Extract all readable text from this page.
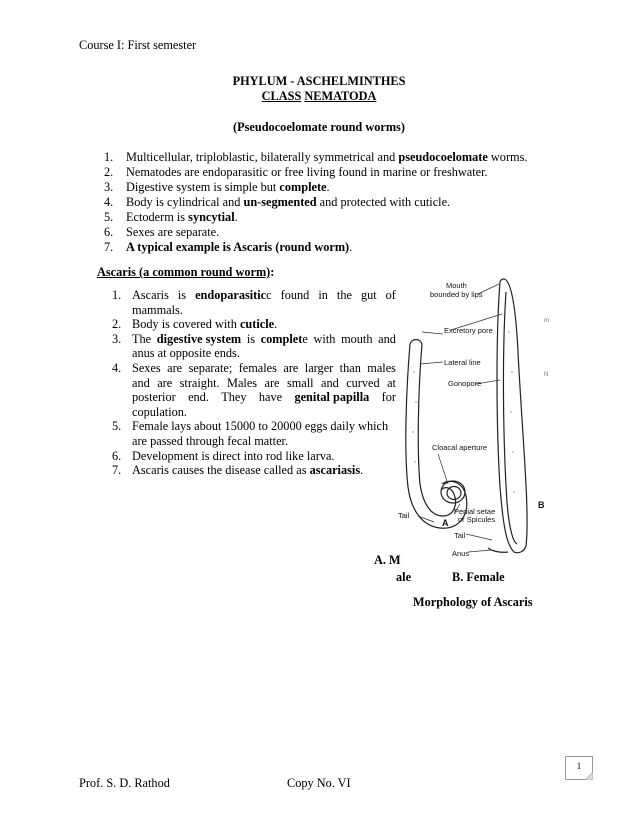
Course I: First semester
PHYLUM - ASCHELMINTHES
CLASS NEMATODA
(Pseudocoelomate round worms)
1. Multicellular, triploblastic, bilaterally symmetrical and pseudocoelomate worms.
2. Nematodes are endoparasitic or free living found in marine or freshwater.
3. Digestive system is simple but complete.
4. Body is cylindrical and un-segmented and protected with cuticle.
5. Ectoderm is syncytial.
6. Sexes are separate.
7. A typical example is Ascaris (round worm).
Ascaris (a common round worm):
1. Ascaris is endoparasiticc found in the gut of
mammals.
2. Body is covered with cuticle.
3. The digestive system is complete with mouth and
anus at opposite ends.
4. Sexes are separate; females are larger than males
and are straight. Males are small and curved at
posterior end. They have genital papilla for
copulation.
5. Female lays about 15000 to 20000 eggs daily which
are passed through fecal matter.
6. Development is direct into rod like larva.
7. Ascaris causes the disease called as ascariasis.
Mouth
bounded by lips
Excretory pore
Lateral line
Gonopore
Cloacal aperture
Tail	Penial setae
or Spicules
Tail
Anus
m
N
A
B
A. M
ale	B. Female
Morphology of Ascaris
1
Prof. S. D. Rathod	Copy No. VI
